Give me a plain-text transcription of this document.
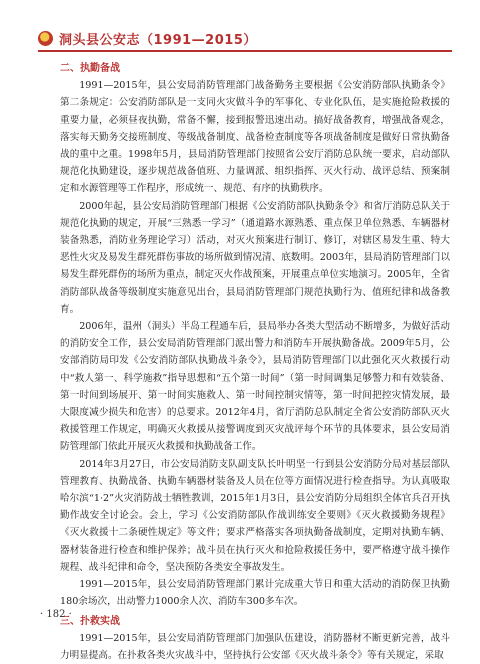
洞头县公安志（1991—2015）

二、执勤备战

1991—2015年，县公安局消防管理部门战备勤务主要根据《公安消防部队执勤条令》第二条规定：公安消防部队是一支同火灾做斗争的军事化、专业化队伍，是实施抢险救援的重要力量，必须昼夜执勤，常备不懈，接到报警迅速出动。搞好战备教育，增强战备观念，落实每天勤务交接班制度、等级战备制度、战备检查制度等各项战备制度是做好日常执勤备战的重中之重。1998年5月，县局消防管理部门按照省公安厅消防总队统一要求，启动部队规范化执勤建设，逐步规范战备值班、力量调派、组织指挥、灭火行动、战评总结、预案制定和水源管理等工作程序，形成统一、规范、有序的执勤秩序。

2000年起，县公安局消防管理部门根据《公安消防部队执勤条令》和省厅消防总队关于规范化执勤的规定，开展“三熟悉一学习”（通道路水源熟悉、重点保卫单位熟悉、车辆器材装备熟悉，消防业务理论学习）活动，对灭火预案进行制订、修订，对辖区易发生重、特大恶性火灾及易发生群死群伤事故的场所做到情况清、底数明。2003年，县局消防管理部门以易发生群死群伤的场所为重点，制定灭火作战预案，开展重点单位实地演习。2005年，全省消防部队战备等级制度实施意见出台，县局消防管理部门规范执勤行为、值班纪律和战备教育。

2006年，温州（洞头）半岛工程通车后，县局举办各类大型活动不断增多，为做好活动的消防安全工作，县公安局消防管理部门派出警力和消防车开展执勤备战。2009年5月，公安部消防局印发《公安消防部队执勤战斗条令》，县局消防管理部门以此强化灭火救援行动中“救人第一、科学施救”指导思想和“五个第一时间”（第一时间调集足够警力和有效装备、第一时间到场展开、第一时间实施救人、第一时间控制灾情等，第一时间把控灾情发展，最大限度减少损失和危害）的总要求。2012年4月，省厅消防总队制定全省公安消防部队灭火救援管理工作规定，明确灭火救援从接警调度到灭灾战评每个环节的具体要求，县公安局消防管理部门依此开展灭火救援和执勤战备工作。

2014年3月27日，市公安局消防支队副支队长叶明坚一行到县公安消防分局对基层部队管理教育、执勤战备、执勤车辆器材装备及人员在位等方面情况进行检查指导。为认真吸取哈尔滨“1·2”火灾消防战士牺牲教训，2015年1月3日，县公安消防分局组织全体官兵召开执勤作战安全讨论会。会上，学习《公安消防部队作战训练安全要则》《灭火救援勤务规程》《灭火救援十二条硬性规定》等文件；要求严格落实各项执勤备战制度，定期对执勤车辆、器材装备进行检查和维护保养；战斗员在执行灭火和抢险救援任务中，要严格遵守战斗操作规程、战斗纪律和命令，坚决预防各类安全事故发生。

1991—2015年，县公安局消防管理部门累计完成重大节日和重大活动的消防保卫执勤180余场次，出动警力1000余人次、消防车300多车次。

三、扑救实战

1991—2015年，县公安局消防管理部门加强队伍建设，消防器材不断更新完善，战斗力明显提高。在扑救各类火灾战斗中，坚持执行公安部《灭火战斗条令》等有关规定，采取

· 182 ·
